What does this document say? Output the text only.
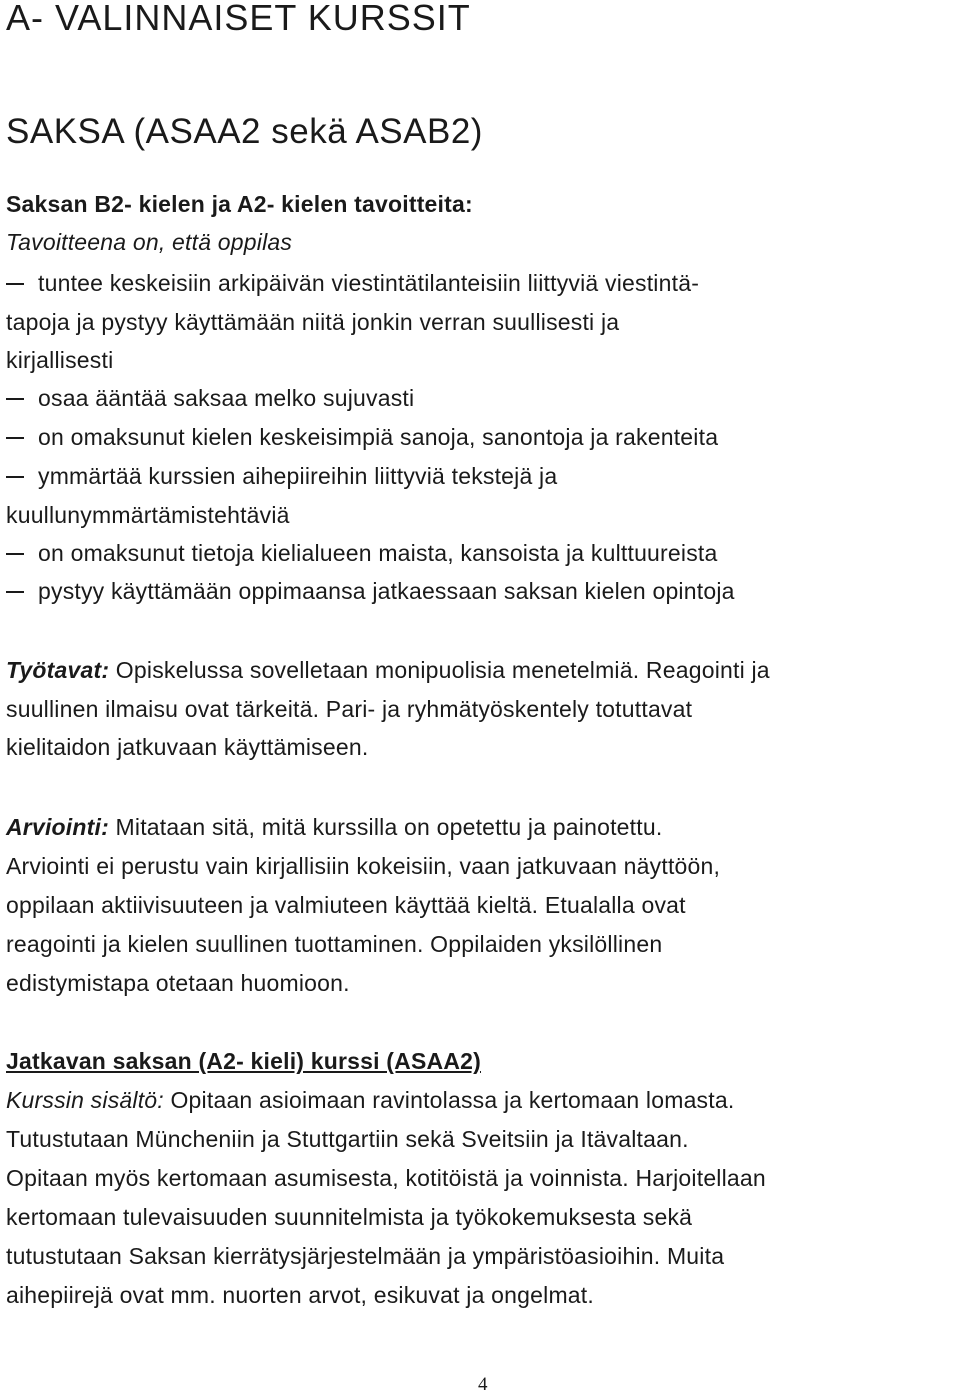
A- VALINNAISET KURSSIT
SAKSA (ASAA2 sekä ASAB2)
Saksan B2- kielen ja A2- kielen tavoitteita:
Tavoitteena on, että oppilas
tuntee keskeisiin arkipäivän viestintätilanteisiin liittyviä viestintä-
tapoja ja pystyy käyttämään niitä jonkin verran suullisesti ja
kirjallisesti
osaa ääntää saksaa melko sujuvasti
on omaksunut kielen keskeisimpiä sanoja, sanontoja ja rakenteita
ymmärtää kurssien aihepiireihin liittyviä tekstejä ja
kuullunymmärtämistehtäviä
on omaksunut tietoja kielialueen maista, kansoista ja kulttuureista
pystyy käyttämään oppimaansa jatkaessaan saksan kielen opintoja
Työtavat: Opiskelussa sovelletaan monipuolisia menetelmiä. Reagointi ja
suullinen ilmaisu ovat tärkeitä. Pari- ja ryhmätyöskentely totuttavat
kielitaidon jatkuvaan käyttämiseen.
Arviointi: Mitataan sitä, mitä kurssilla on opetettu ja painotettu.
Arviointi ei perustu vain kirjallisiin kokeisiin, vaan jatkuvaan näyttöön,
oppilaan aktiivisuuteen ja valmiuteen käyttää kieltä. Etualalla ovat
reagointi ja kielen suullinen tuottaminen. Oppilaiden yksilöllinen
edistymistapa otetaan huomioon.
Jatkavan saksan (A2- kieli) kurssi (ASAA2)
Kurssin sisältö: Opitaan asioimaan ravintolassa ja kertomaan lomasta.
Tutustutaan Müncheniin ja Stuttgartiin sekä Sveitsiin ja Itävaltaan.
Opitaan myös kertomaan asumisesta, kotitöistä ja voinnista. Harjoitellaan
kertomaan tulevaisuuden suunnitelmista ja työkokemuksesta sekä
tutustutaan Saksan kierrätysjärjestelmään ja ympäristöasioihin. Muita
aihepiirejä ovat mm. nuorten arvot, esikuvat ja ongelmat.
4
